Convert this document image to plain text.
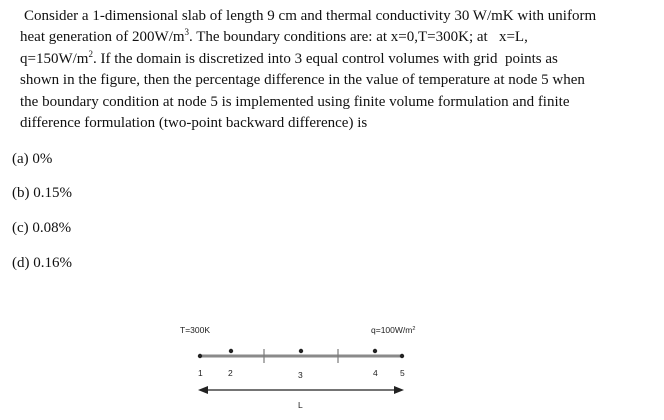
Consider a 1-dimensional slab of length 9 cm and thermal conductivity 30 W/mK with uniform
heat generation of $200W/m^3$. The boundary conditions are: at x=0,T=300K; at   x=L,
$q=150W/m^2$. If the domain is discretized into 3 equal control volumes with grid  points as
shown in the figure, then the percentage difference in the value of temperature at node 5 when
the boundary condition at node 5 is implemented using finite volume formulation and finite
difference formulation (two-point backward difference) is
(a) 0%
(b) 0.15%
(c) 0.08%
(d) 0.16%
T=300K	$q=100W/m^2$
1	2	3	4	5
L
